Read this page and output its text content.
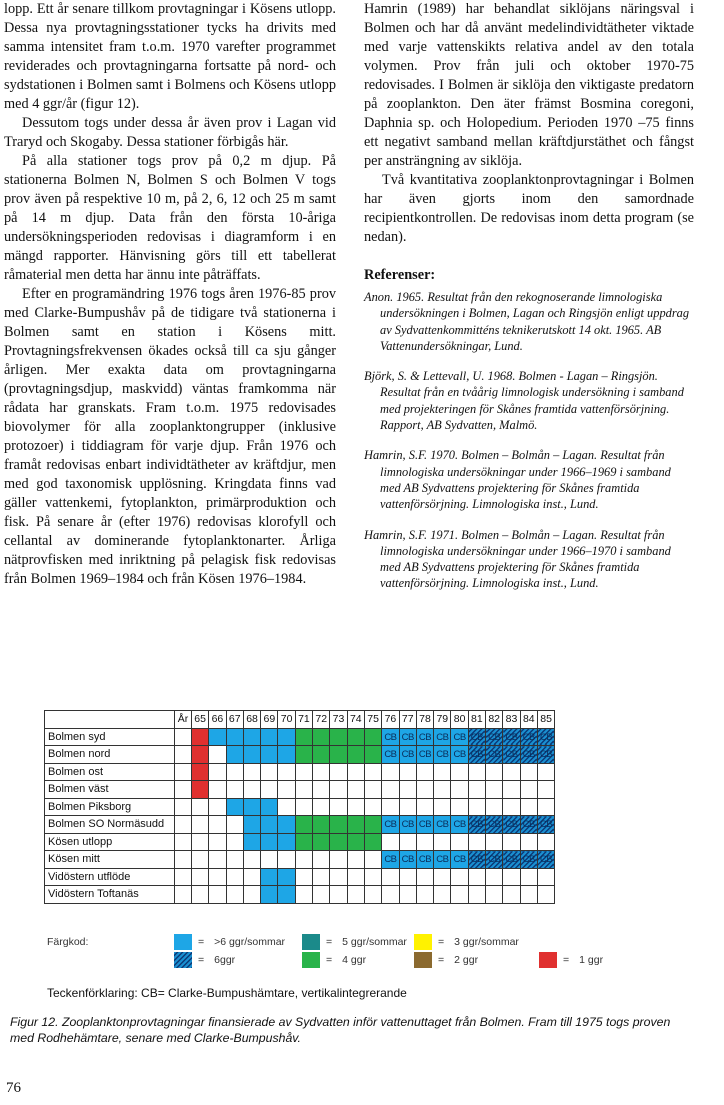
lopp. Ett år senare tillkom provtagningar i Kösens utlopp. Dessa nya provtagningsstationer tycks ha drivits med samma intensitet fram t.o.m. 1970 varefter programmet reviderades och provtagningarna fortsatte på nord- och sydstationen i Bolmen samt i Bolmens och Kösens utlopp med 4 ggr/år (figur 12).

Dessutom togs under dessa år även prov i Lagan vid Traryd och Skogaby. Dessa stationer förbigås här.

På alla stationer togs prov på 0,2 m djup. På stationerna Bolmen N, Bolmen S och Bolmen V togs prov även på respektive 10 m, på 2, 6, 12 och 25 m samt på 14 m djup. Data från den första 10-åriga undersökningsperioden redovisas i diagramform i en mängd rapporter. Hänvisning görs till ett tabellerat råmaterial men detta har ännu inte påträffats.

Efter en programändring 1976 togs åren 1976-85 prov med Clarke-Bumpushåv på de tidigare två stationerna i Bolmen samt en station i Kösens mitt. Provtagningsfrekvensen ökades också till ca sju gånger årligen. Mer exakta data om provtagningarna (provtagningsdjup, maskvidd) väntas framkomma när rådata har granskats. Fram t.o.m. 1975 redovisades biovolymer för alla zooplanktongrupper (inklusive protozoer) i tiddiagram för varje djup. Från 1976 och framåt redovisas enbart individtätheter av kräftdjur, men med god taxonomisk upplösning. Kringdata finns vad gäller vattenkemi, fytoplankton, primärproduktion och fisk. På senare år (efter 1976) redovisas klorofyll och cellantal av dominerande fytoplanktonarter. Årliga nätprovfisken med inriktning på pelagisk fisk redovisas från Bolmen 1969–1984 och från Kösen 1976–1984.

Hamrin (1989) har behandlat siklöjans näringsval i Bolmen och har då använt medelindividtätheter viktade med varje vattenskikts relativa andel av den totala volymen. Prov från juli och oktober 1970-75 redovisades. I Bolmen är siklöja den viktigaste predatorn på zooplankton. Den äter främst Bosmina coregoni, Daphnia sp. och Holopedium. Perioden 1970 –75 finns ett negativt samband mellan kräftdjurstäthet och fångst per ansträngning av siklöja.

Två kvantitativa zooplanktonprovtagningar i Bolmen har även gjorts inom den samordnade recipientkontrollen. De redovisas inom detta program (se nedan).

Referenser:

Anon. 1965. Resultat från den rekognoserande limnologiska undersökningen i Bolmen, Lagan och Ringsjön enligt uppdrag av Sydvattenkommitténs teknikerutskott 14 okt. 1965. AB Vattenundersökningar, Lund.

Björk, S. & Lettevall, U. 1968. Bolmen - Lagan – Ringsjön. Resultat från en tvåårig limnologisk undersökning i samband med projekteringen för Skånes framtida vattenförsörjning. Rapport, AB Sydvatten, Malmö.

Hamrin, S.F. 1970. Bolmen – Bolmån – Lagan. Resultat från limnologiska undersökningar under 1966–1969 i samband med AB Sydvattens projektering för Skånes framtida vattenförsörjning. Limnologiska inst., Lund.

Hamrin, S.F. 1971. Bolmen – Bolmån – Lagan. Resultat från limnologiska undersökningar under 1966–1970 i samband med AB Sydvattens projektering för Skånes framtida vattenförsörjning. Limnologiska inst., Lund.

	År	65	66	67	68	69	70	71	72	73	74	75	76	77	78	79	80	81	82	83	84	85
Bolmen syd													CB	CB	CB	CB	CB	CB	CB	CB	CB	CB
Bolmen nord													CB	CB	CB	CB	CB	CB	CB	CB	CB	CB
Bolmen ost																						
Bolmen väst																						
Bolmen Piksborg																						
Bolmen SO Normäsudd													CB	CB	CB	CB	CB	CB	CB	CB	CB	CB
Kösen utlopp																						
Kösen mitt													CB	CB	CB	CB	CB	CB	CB	CB	CB	CB
Vidöstern utflöde																						
Vidöstern Toftanäs																						
Färgkod:	= >6 ggr/sommar	= 5 ggr/sommar	= 3 ggr/sommar
= 6ggr	= 4 ggr	= 2 ggr	= 1 ggr
Teckenförklaring: CB= Clarke-Bumpushämtare, vertikalintegrerande
Figur 12. Zooplanktonprovtagningar finansierade av Sydvatten inför vattenuttaget från Bolmen. Fram till 1975 togs proven med Rodhehämtare, senare med Clarke-Bumpushåv.
76
